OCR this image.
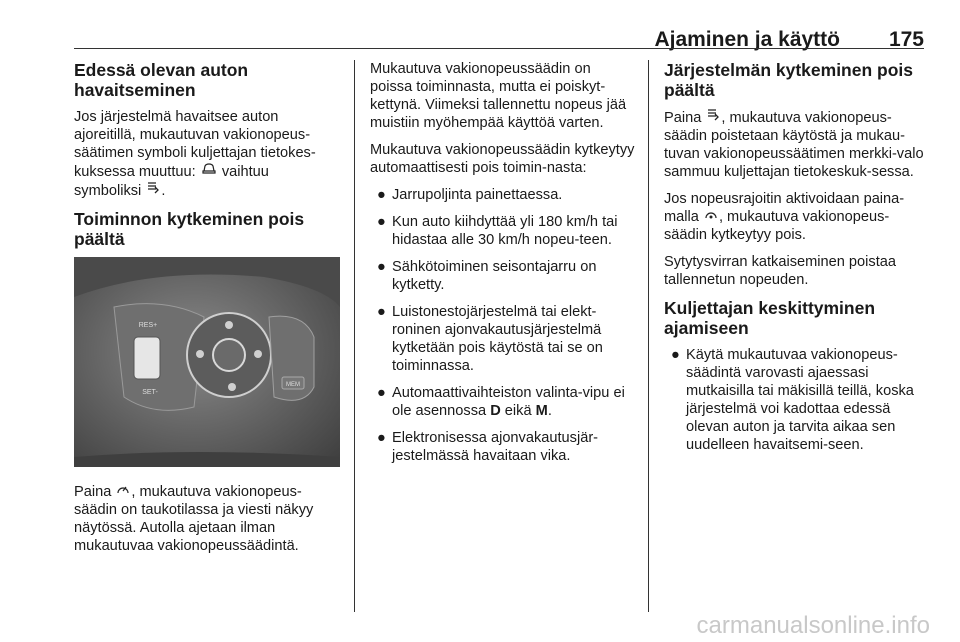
Ajaminen ja käyttö 175
Edessä olevan auton havaitseminen

Jos järjestelmä havaitsee auton ajoreitillä, mukautuvan vakionopeus-säätimen symboli kuljettajan tietokes-kuksessa muuttuu: vaihtuu symboliksi .

Toiminnon kytkeminen pois päältä
RES+
SET-
MEM

Paina , mukautuva vakionopeus-säädin on taukotilassa ja viesti näkyy näytössä. Autolla ajetaan ilman mukautuvaa vakionopeussäädintä.

Mukautuva vakionopeussäädin on poissa toiminnasta, mutta ei poiskyt-kettynä. Viimeksi tallennettu nopeus jää muistiin myöhempää käyttöä varten.

Mukautuva vakionopeussäädin kytkeytyy automaattisesti pois toimin-nasta:

● Jarrupoljinta painettaessa.
● Kun auto kiihdyttää yli 180 km/h tai hidastaa alle 30 km/h nopeu-teen.
● Sähkötoiminen seisontajarru on kytketty.
● Luistonestojärjestelmä tai elekt-roninen ajonvakautusjärjestelmä kytketään pois käytöstä tai se on toiminnassa.
● Automaattivaihteiston valinta-vipu ei ole asennossa D eikä M.
● Elektronisessa ajonvakautusjär-jestelmässä havaitaan vika.
Järjestelmän kytkeminen pois päältä

Paina , mukautuva vakionopeus-säädin poistetaan käytöstä ja mukau-tuvan vakionopeussäätimen merkki-valo sammuu kuljettajan tietokeskuk-sessa.

Jos nopeusrajoitin aktivoidaan paina-malla , mukautuva vakionopeus-säädin kytkeytyy pois.

Sytytysvirran katkaiseminen poistaa tallennetun nopeuden.

Kuljettajan keskittyminen ajamiseen
● Käytä mukautuvaa vakionopeus-säädintä varovasti ajaessasi mutkaisilla tai mäkisillä teillä, koska järjestelmä voi kadottaa edessä olevan auton ja tarvita aikaa sen uudelleen havaitsemi-seen.
carmanualsonline.info
